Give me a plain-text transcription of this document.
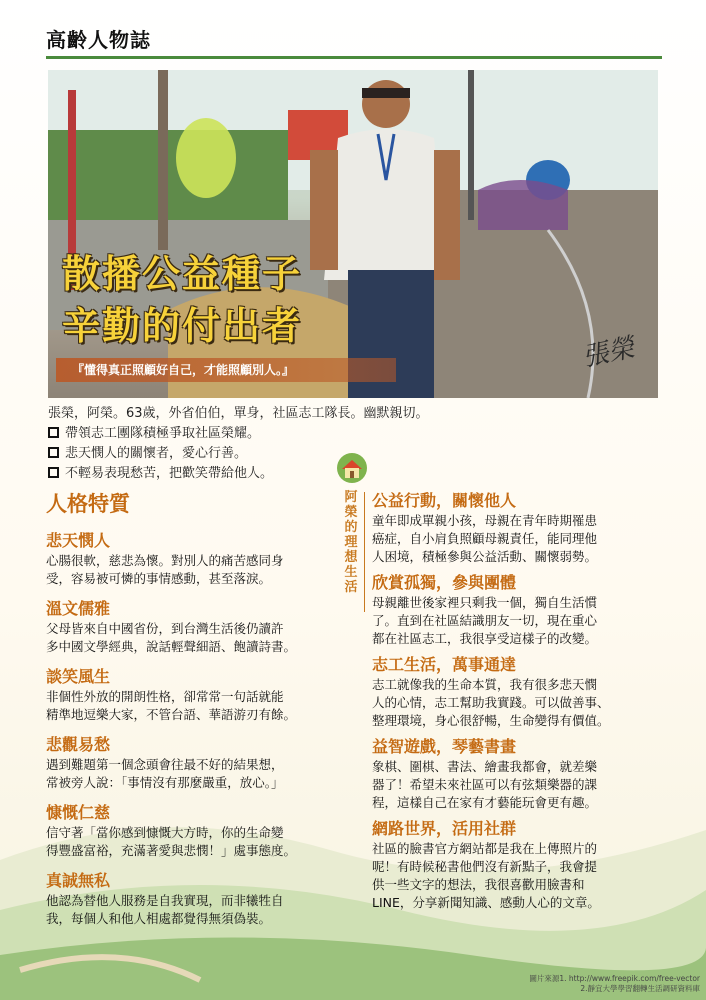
高齡人物誌
散播公益種子
辛勤的付出者
『懂得真正照顧好自己，才能照顧別人。』	張榮
張榮，阿榮。63歲，外省伯伯，單身，社區志工隊長。幽默親切。
帶領志工團隊積極爭取社區榮耀。
悲天憫人的關懷者，愛心行善。
不輕易表現愁苦，把歡笑帶給他人。
阿
榮
的
理
想
生
活
人格特質
悲天憫人
心腸很軟，慈悲為懷。對別人的痛苦感同身
受，容易被可憐的事情感動，甚至落淚。
溫文儒雅
父母皆來自中國省份，到台灣生活後仍讀許
多中國文學經典，說話輕聲細語、飽讀詩書。
談笑風生
非個性外放的開朗性格，卻常常一句話就能
精準地逗樂大家，不管台語、華語游刃有餘。
悲觀易愁
遇到難題第一個念頭會往最不好的結果想，
常被旁人說：「事情沒有那麼嚴重，放心。」
慷慨仁慈
信守著「當你感到慷慨大方時，你的生命變
得豐盛富裕，充滿著愛與悲憫！」處事態度。
真誠無私
他認為替他人服務是自我實現，而非犧牲自
我，每個人和他人相處都覺得無須偽裝。
公益行動，關懷他人
童年即成單親小孩，母親在青年時期罹患
癌症，自小肩負照顧母親責任，能同理他
人困境，積極參與公益活動、關懷弱勢。
欣賞孤獨，參與團體
母親離世後家裡只剩我一個，獨自生活慣
了。直到在社區結識朋友一切，現在重心
都在社區志工，我很享受這樣子的改變。
志工生活，萬事通達
志工就像我的生命本質，我有很多悲天憫
人的心情，志工幫助我實踐。可以做善事、
整理環境，身心很舒暢，生命變得有價值。
益智遊戲，琴藝書畫
象棋、圍棋、書法、繪畫我都會，就差樂
器了！希望未來社區可以有弦類樂器的課
程，這樣自己在家有才藝能玩會更有趣。
網路世界，活用社群
社區的臉書官方網站都是我在上傳照片的
呢！有時候秘書他們沒有新點子，我會提
供一些文字的想法，我很喜歡用臉書和
LINE，分享新聞知識、感動人心的文章。
圖片來源1. http://www.freepik.com/free-vector
2.靜宜大學學習翻轉生活調研資料庫
